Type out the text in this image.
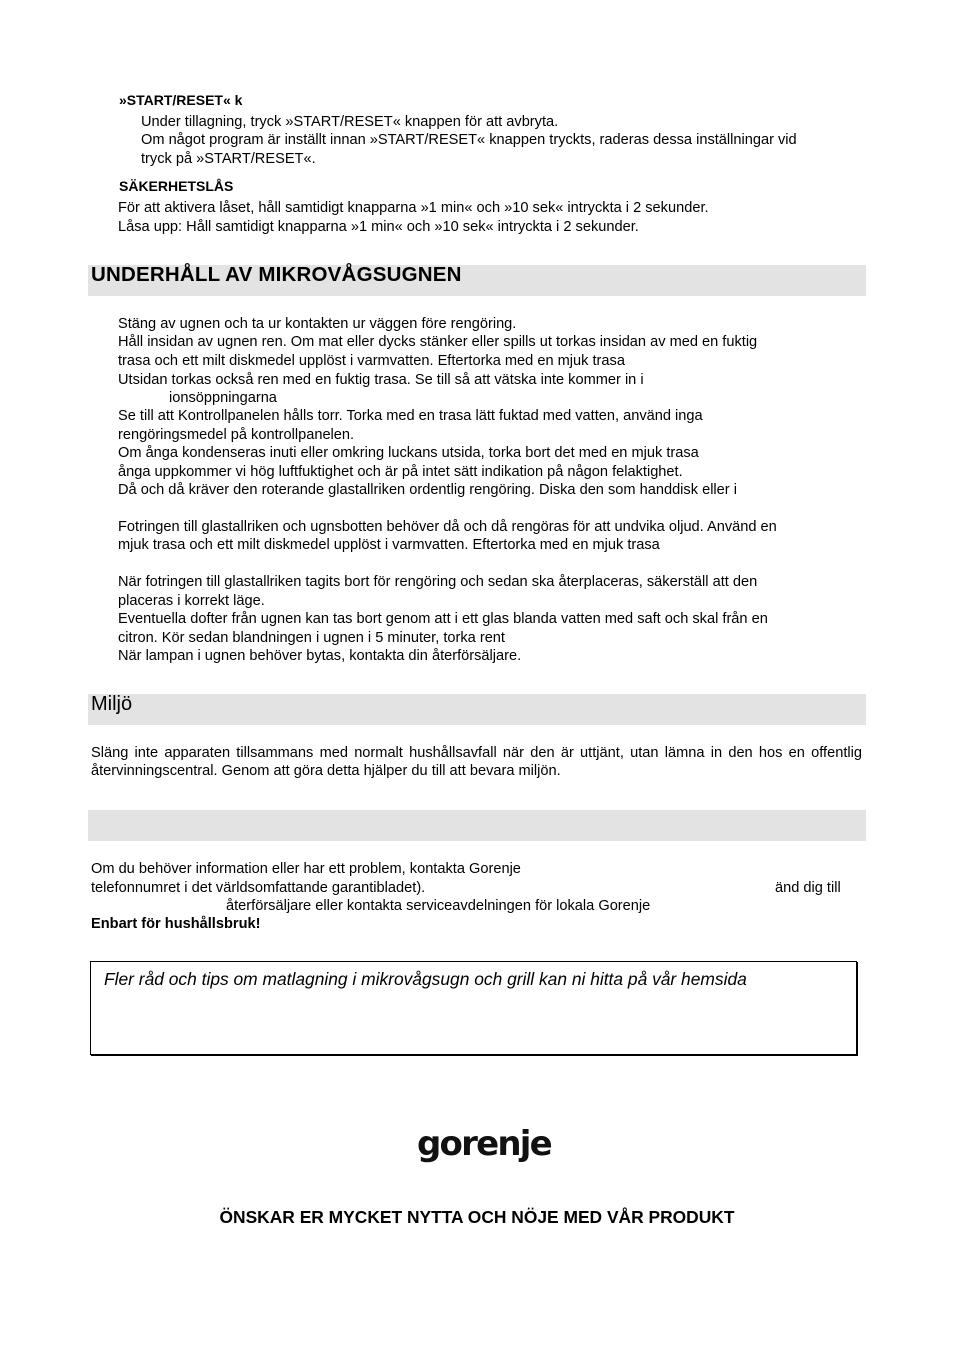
»START/RESET« k
Under tillagning, tryck »START/RESET« knappen för att avbryta.
Om något program är inställt innan »START/RESET« knappen tryckts, raderas dessa inställningar vid
tryck på »START/RESET«.
SÄKERHETSLÅS
För att aktivera låset, håll samtidigt knapparna »1 min« och »10 sek« intryckta i 2 sekunder.
Låsa upp: Håll samtidigt knapparna »1 min« och »10 sek« intryckta i 2 sekunder.
UNDERHÅLL AV MIKROVÅGSUGNEN
Stäng av ugnen och ta ur kontakten ur väggen före rengöring.
Håll insidan av ugnen ren. Om mat eller dycks stänker eller spills ut torkas insidan av med en fuktig
trasa och ett milt diskmedel upplöst i varmvatten. Eftertorka med en mjuk trasa
Utsidan torkas också ren med en fuktig trasa. Se till så att vätska inte kommer in i
ionsöppningarna
Se till att Kontrollpanelen hålls torr. Torka med en trasa lätt fuktad med vatten, använd inga
rengöringsmedel på kontrollpanelen.
Om ånga kondenseras inuti eller omkring luckans utsida, torka bort det med en mjuk trasa
ånga uppkommer vi hög luftfuktighet och är på intet sätt indikation på någon felaktighet.
Då och då kräver den roterande glastallriken ordentlig rengöring. Diska den som handdisk eller i
Fotringen till glastallriken och ugnsbotten behöver då och då rengöras för att undvika oljud. Använd en
mjuk trasa och ett milt diskmedel upplöst i varmvatten. Eftertorka med en mjuk trasa
När fotringen till glastallriken tagits bort för rengöring och sedan ska återplaceras, säkerställ att den
placeras i korrekt läge.
Eventuella dofter från ugnen kan tas bort genom att i ett glas blanda vatten med saft och skal från en
citron. Kör sedan blandningen i ugnen i 5 minuter, torka rent
När lampan i ugnen behöver bytas, kontakta din återförsäljare.
Miljö
Släng inte apparaten tillsammans med normalt hushållsavfall när den är uttjänt, utan lämna in den hos en offentlig återvinningscentral. Genom att göra detta hjälper du till att bevara miljön.
Om du behöver information eller har ett problem, kontakta Gorenje
telefonnumret i det världsomfattande garantibladet).	änd dig till
återförsäljare eller kontakta serviceavdelningen för lokala Gorenje
Enbart för hushållsbruk!
Fler råd och tips om matlagning i mikrovågsugn och grill kan ni hitta på vår hemsida
gorenje
ÖNSKAR ER MYCKET NYTTA OCH NÖJE MED VÅR PRODUKT
